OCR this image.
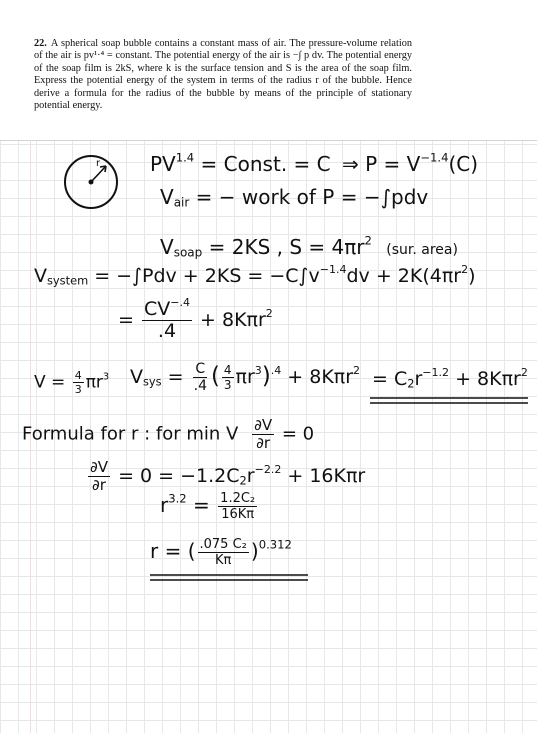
22. A spherical soap bubble contains a constant mass of air. The pressure-volume relation of the air is pv¹·⁴ = constant. The potential energy of the air is −∫ p dv. The potential energy of the soap film is 2kS, where k is the surface tension and S is the area of the soap film. Express the potential energy of the system in terms of the radius r of the bubble. Hence derive a formula for the radius of the bubble by means of the principle of stationary potential energy.
r $PV^{1.4}$ = Const. = C ⇒ $P = V^{-1.4}(C)$
$V_{air}$ = − work of P = −∫pdv
$V_{soap} = 2KS$ , $S = 4\pi r^2$ (sur. area)
$V_{system} = -\int Pdv + 2KS = -C\int v^{-1.4}dv + 2K(4\pi r^2)$
= $\frac{CV^{-.4}}{.4} + 8K\pi r^2$
$V = \frac{4}{3} \pi r^3$ $V_{sys} = \frac{C}{.4}$ ( $\frac{4}{3} \pi r^3)^{.4} + 8K\pi r^2 = C_2r^{-1.2} + 8K\pi r^2$
Formula for r : for min V $\frac{\partial V}{\partial r} = 0$
$\frac{\partial V}{\partial r} = 0 = -1.2C_2r^{-2.2} + 16K\pi r$
$r^{3.2} = \frac{\text{1.2C₂}}{16K\pi}$
r = ( $\frac{\text{.075 C₂}}{K\pi} )^{0.312}$
